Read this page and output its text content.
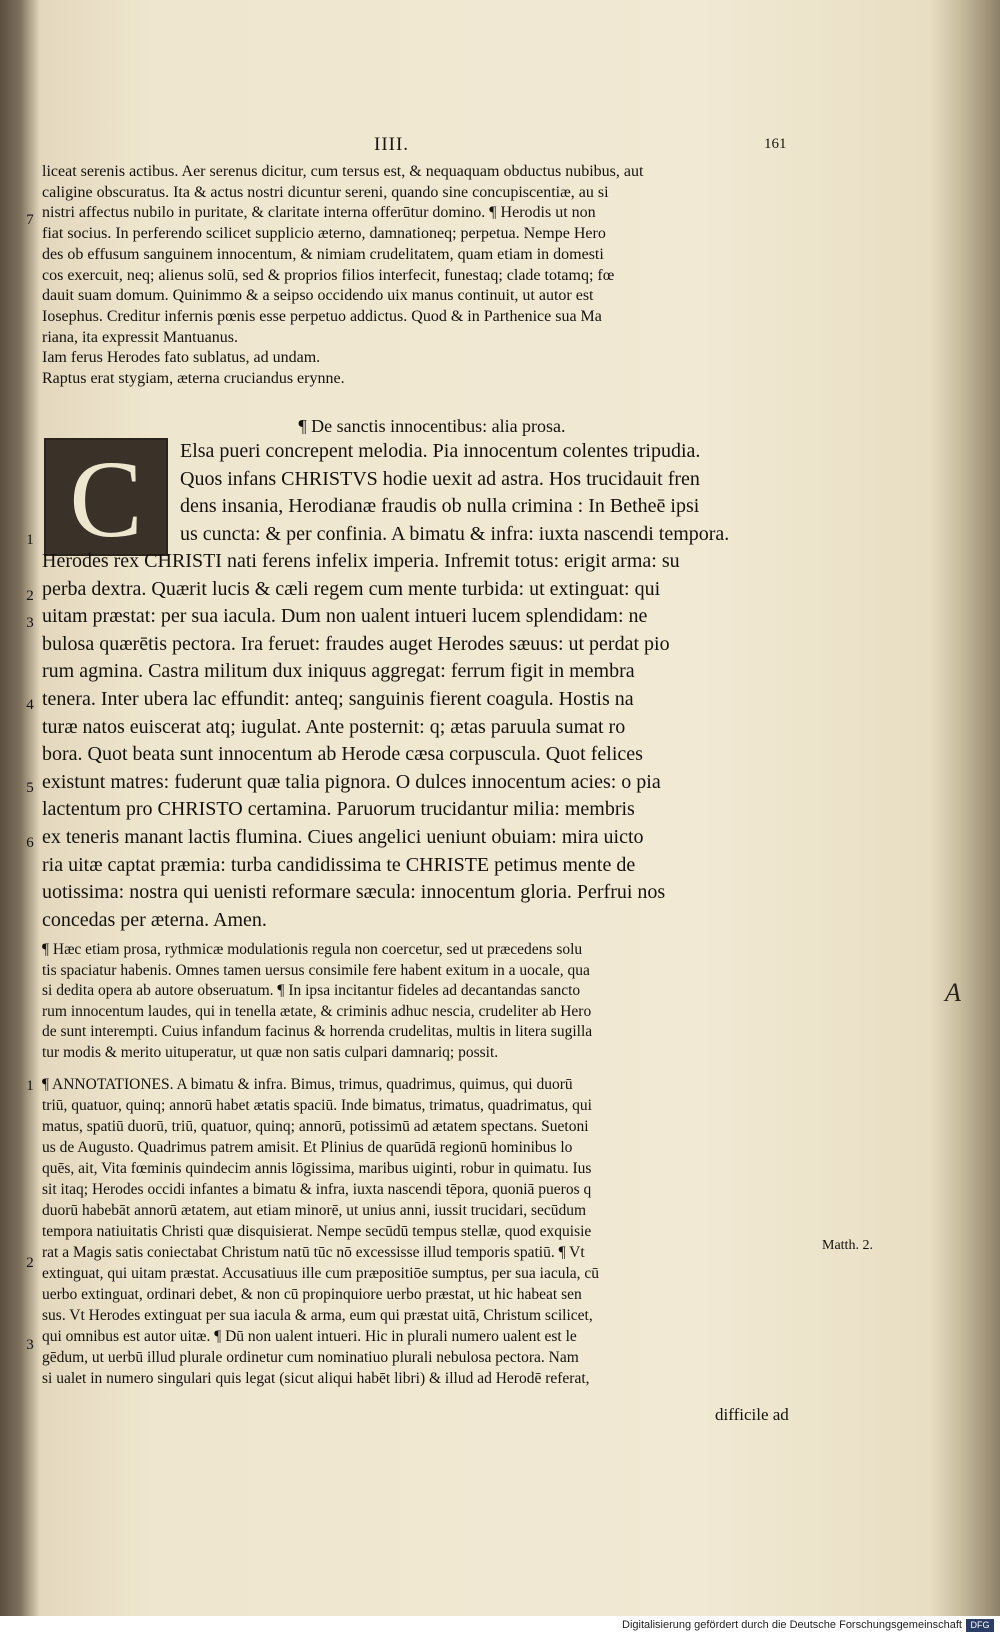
IIII.	161
liceat serenis actibus. Aer serenus dicitur, cum tersus est, & nequaquam obductus nubibus, aut
caligine obscuratus. Ita & actus nostri dicuntur sereni, quando sine concupiscentiæ, au si
nistri affectus nubilo in puritate, & claritate interna offerūtur domino. ¶ Herodis ut non
fiat socius. In perferendo scilicet supplicio æterno, damnationeq; perpetua. Nempe Hero
des ob effusum sanguinem innocentum, & nimiam crudelitatem, quam etiam in domesti
cos exercuit, neq; alienus solū, sed & proprios filios interfecit, funestaq; clade totamq; fœ
dauit suam domum. Quinimmo & a seipso occidendo uix manus continuit, ut autor est
Iosephus. Creditur infernis pœnis esse perpetuo addictus. Quod & in Parthenice sua Ma
riana, ita expressit Mantuanus.
Iam ferus Herodes fato sublatus, ad undam.
Raptus erat stygiam, æterna cruciandus erynne.
¶ De sanctis innocentibus: alia prosa.
C	Elsa pueri concrepent melodia. Pia innocentum colentes tripudia.
Quos infans CHRISTVS hodie uexit ad astra. Hos trucidauit fren
dens insania, Herodianæ fraudis ob nulla crimina : In Betheē ipsi
us cuncta: & per confinia. A bimatu & infra: iuxta nascendi tempora.
Herodes rex CHRISTI nati ferens infelix imperia. Infremit totus: erigit arma: su
perba dextra. Quærit lucis & cæli regem cum mente turbida: ut extinguat: qui
uitam præstat: per sua iacula. Dum non ualent intueri lucem splendidam: ne
bulosa quærētis pectora. Ira feruet: fraudes auget Herodes sæuus: ut perdat pio
rum agmina. Castra militum dux iniquus aggregat: ferrum figit in membra
tenera. Inter ubera lac effundit: anteq; sanguinis fierent coagula. Hostis na
turæ natos euiscerat atq; iugulat. Ante posternit: q; ætas paruula sumat ro
bora. Quot beata sunt innocentum ab Herode cæsa corpuscula. Quot felices
existunt matres: fuderunt quæ talia pignora. O dulces innocentum acies: o pia
lactentum pro CHRISTO certamina. Paruorum trucidantur milia: membris
ex teneris manant lactis flumina. Ciues angelici ueniunt obuiam: mira uicto
ria uitæ captat præmia: turba candidissima te CHRISTE petimus mente de
uotissima: nostra qui uenisti reformare sæcula: innocentum gloria. Perfrui nos
concedas per æterna. Amen.
¶ Hæc etiam prosa, rythmicæ modulationis regula non coercetur, sed ut præcedens solu
tis spaciatur habenis. Omnes tamen uersus consimile fere habent exitum in a uocale, qua
si dedita opera ab autore obseruatum. ¶ In ipsa incitantur fideles ad decantandas sancto
rum innocentum laudes, qui in tenella ætate, & criminis adhuc nescia, crudeliter ab Hero
de sunt interempti. Cuius infandum facinus & horrenda crudelitas, multis in litera sugilla
tur modis & merito uituperatur, ut quæ non satis culpari damnariq; possit.
¶ ANNOTATIONES. A bimatu & infra. Bimus, trimus, quadrimus, quimus, qui duorū
triū, quatuor, quinq; annorū habet ætatis spaciū. Inde bimatus, trimatus, quadrimatus, qui
matus, spatiū duorū, triū, quatuor, quinq; annorū, potissimū ad ætatem spectans. Suetoni
us de Augusto. Quadrimus patrem amisit. Et Plinius de quarūdā regionū hominibus lo
quēs, ait, Vita fœminis quindecim annis lōgissima, maribus uiginti, robur in quimatu. Ius
sit itaq; Herodes occidi infantes a bimatu & infra, iuxta nascendi tēpora, quoniā pueros q
duorū habebāt annorū ætatem, aut etiam minorē, ut unius anni, iussit trucidari, secūdum
tempora natiuitatis Christi quæ disquisierat. Nempe secūdū tempus stellæ, quod exquisie
rat a Magis satis coniectabat Christum natū tūc nō excessisse illud temporis spatiū. ¶ Vt
extinguat, qui uitam præstat. Accusatiuus ille cum præpositiōe sumptus, per sua iacula, cū
uerbo extinguat, ordinari debet, & non cū propinquiore uerbo præstat, ut hic habeat sen
sus. Vt Herodes extinguat per sua iacula & arma, eum qui præstat uitā, Christum scilicet,
qui omnibus est autor uitæ. ¶ Dū non ualent intueri. Hic in plurali numero ualent est le
gēdum, ut uerbū illud plurale ordinetur cum nominatiuo plurali nebulosa pectora. Nam
si ualet in numero singulari quis legat (sicut aliqui habēt libri) & illud ad Herodē referat,
difficile ad
7
1
2
3
4
5
6
1
2
3
Matth. 2.
A
Digitalisierung gefördert durch die Deutsche Forschungsgemeinschaft DFG
